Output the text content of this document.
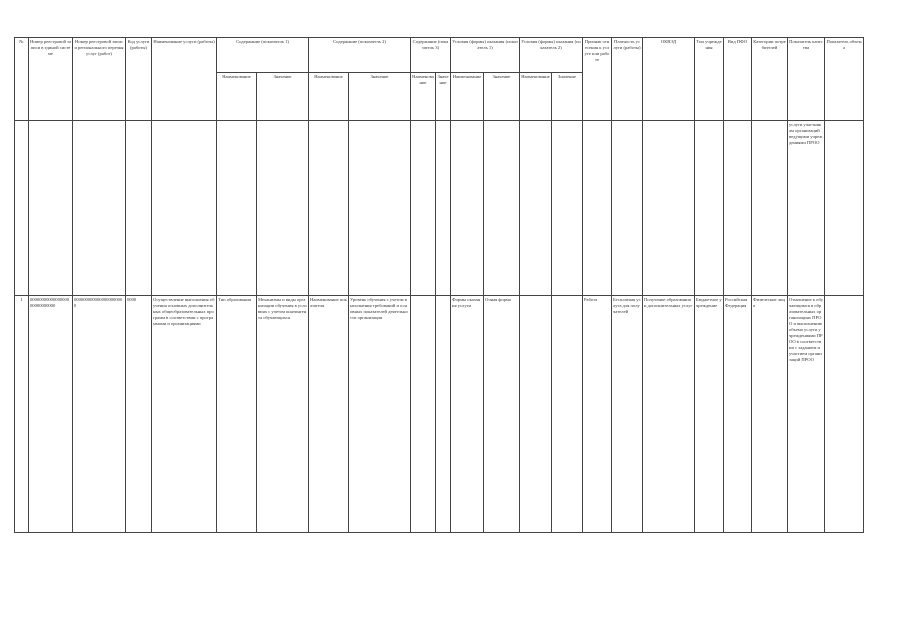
№	Номер реестровой записи в единой системе	Номер реестровой записи регионального перечня услуг (работ)	Код услуги (работы)	Наименование услуги (работы)	Содержание (показатель 1)		Содержание (показатель 2)		Содержание (показатель 3)		Условия (формы) оказания (показатель 1)		Условия (формы) оказания (показатель 2)		Признак отнесения к услуге или работе	Платность услуги (работы)	ОКВЭД	Тип учреждения	Вид ПФО	Категории потребителей	Показатель качества	Показатель объема
					Наименование	Значение	Наименование	Значение	Наименование	Значение	Наименование	Значение	Наименование	Значение								
																					услуги участникам организаций ведущими учреждениями ПРОО	
1	0000000000000000000000000000	0000000000000000000000	0000	Осуществление выполнения обучения основных дополнительных общеобразовательных программ в соответствии с программами и организациями	Тип образования	Механизмы и виды организации обучения в условиях с учетом контингента обучающихся	Наименование показателя	Уровень обучения с учетом выполнения требований и основных показателей деятельности организации			Формы оказания услуги	Очная форма			Работа	Бесплатная услуга для получателей	Получение образования и дополнительных услуг	Бюджетное учреждение	Российская Федерация	Физические лица	Отношение к обучающимся в образовательных организациях ПРОО и выполнению объема услуги учреждениями ПРОО в соответствии с заданием и участием организаций ПРОО	
